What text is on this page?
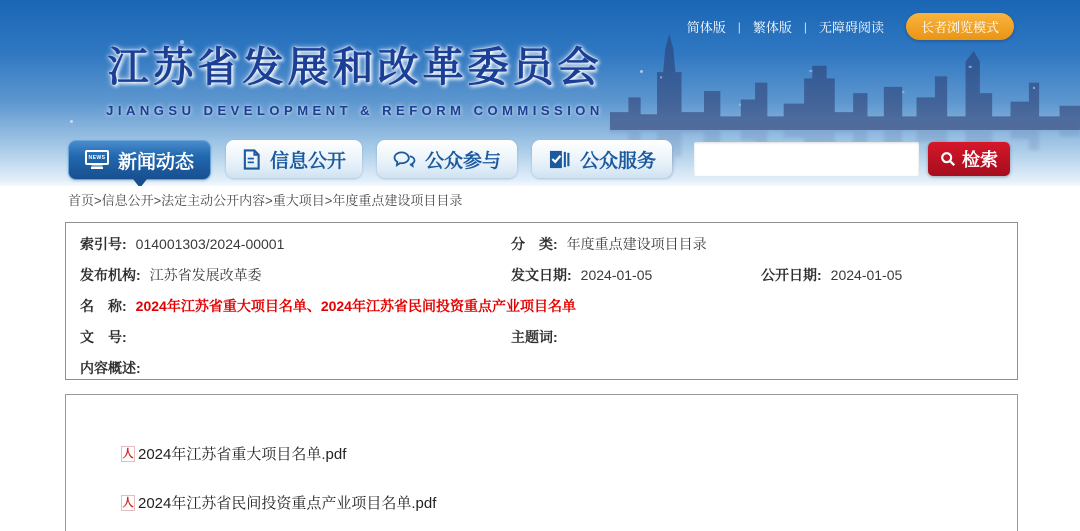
简体版 | 繁体版 | 无障碍阅读	长者浏览模式
江苏省发展和改革委员会
JIANGSU DEVELOPMENT & REFORM COMMISSION
NEWS 新闻动态	信息公开	公众参与	公众服务	检索
首页>信息公开>法定主动公开内容>重大项目>年度重点建设项目目录
索引号: 014001303/2024-00001	分　类: 年度重点建设项目目录
发布机构: 江苏省发展改革委	发文日期: 2024-01-05	公开日期: 2024-01-05
名　称: 2024年江苏省重大项目名单、2024年江苏省民间投资重点产业项目名单
文　号:	主题词:
内容概述:
人 2024年江苏省重大项目名单.pdf
人 2024年江苏省民间投资重点产业项目名单.pdf
